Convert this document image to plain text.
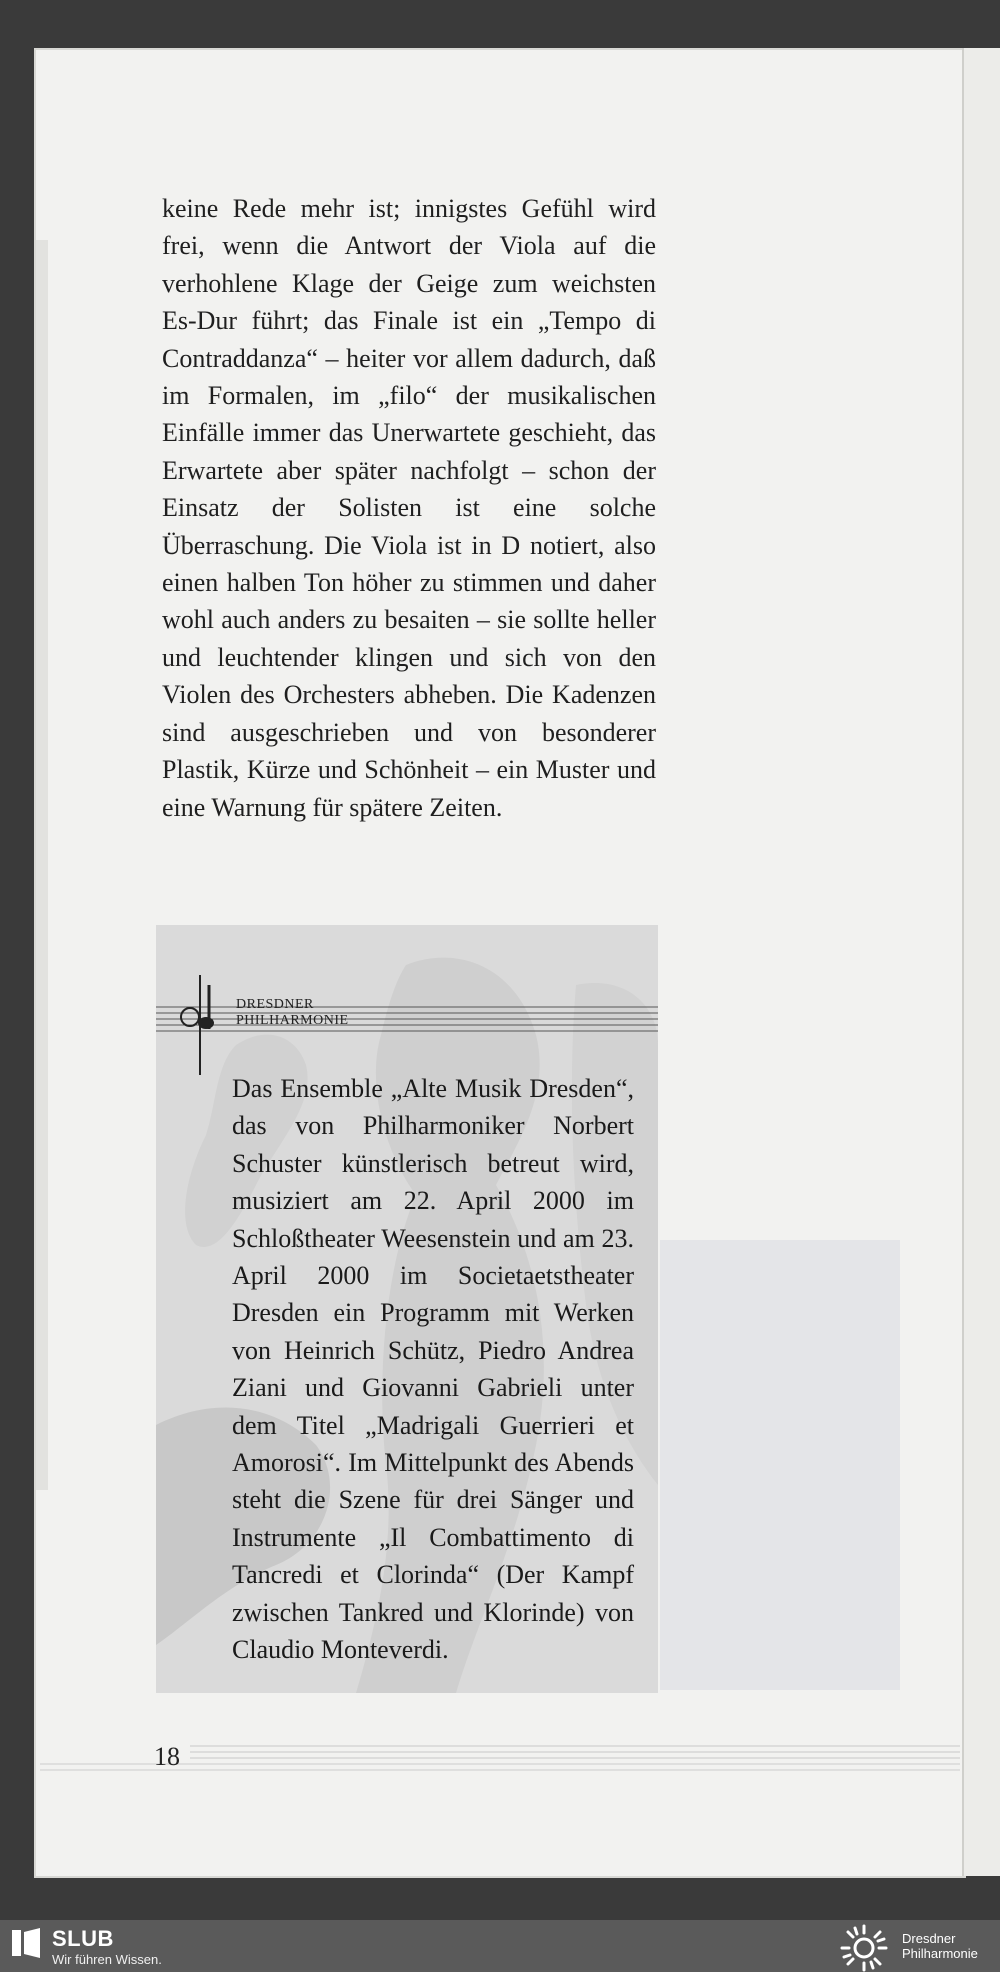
keine Rede mehr ist; innigstes Gefühl wird frei, wenn die Antwort der Viola auf die verhohlene Klage der Geige zum weichsten Es-Dur führt; das Finale ist ein „Tempo di Contraddanza“ – heiter vor allem dadurch, daß im Formalen, im „filo“ der musikalischen Einfälle immer das Unerwartete geschieht, das Erwartete aber später nachfolgt – schon der Einsatz der Solisten ist eine solche Überraschung. Die Viola ist in D notiert, also einen halben Ton höher zu stimmen und daher wohl auch anders zu besaiten – sie sollte heller und leuchtender klingen und sich von den Violen des Orchesters abheben. Die Kadenzen sind ausgeschrieben und von besonderer Plastik, Kürze und Schönheit – ein Muster und eine Warnung für spätere Zeiten.

DRESDNER
PHILHARMONIE

Das Ensemble „Alte Musik Dresden“, das von Philharmoniker Norbert Schuster künstlerisch betreut wird, musiziert am 22. April 2000 im Schloßtheater Weesenstein und am 23. April 2000 im Societaetstheater Dresden ein Programm mit Werken von Heinrich Schütz, Piedro Andrea Ziani und Giovanni Gabrieli unter dem Titel „Madrigali Guerrieri et Amorosi“. Im Mittelpunkt des Abends steht die Szene für drei Sänger und Instrumente „Il Combattimento di Tancredi et Clorinda“ (Der Kampf zwischen Tankred und Klorinde) von Claudio Monteverdi.

18
SLUB
Wir führen Wissen.
Dresdner
Philharmonie
